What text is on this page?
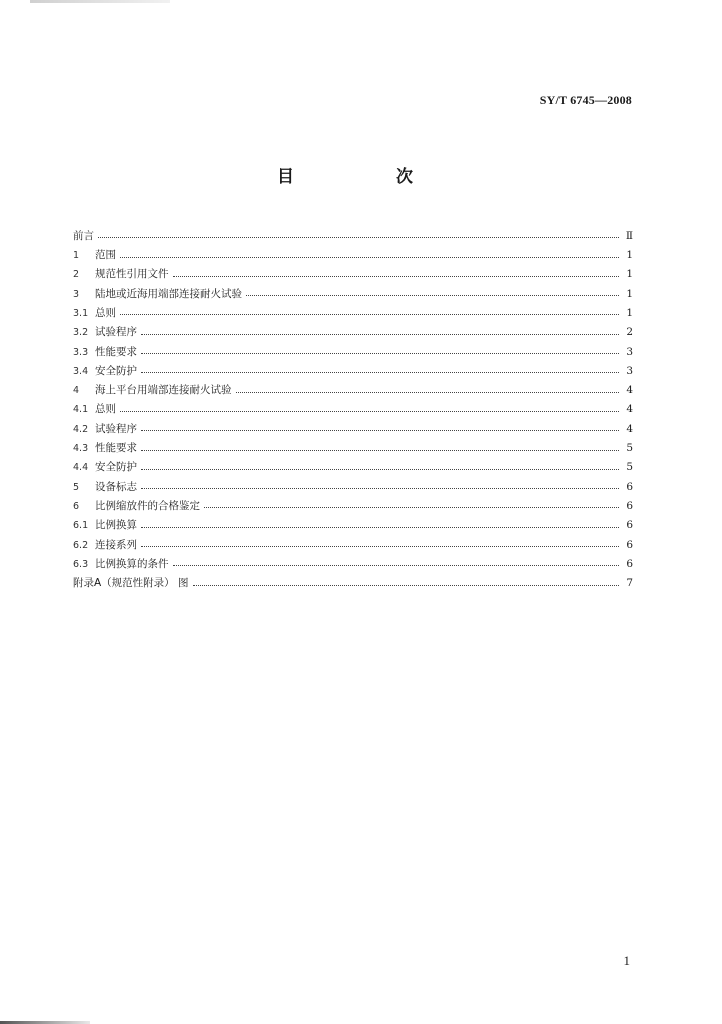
SY/T 6745—2008
目 次
前言	Ⅱ
1	范围	1
2	规范性引用文件	1
3	陆地或近海用端部连接耐火试验	1
3.1 总则	1
3.2 试验程序	2
3.3 性能要求	3
3.4 安全防护	3
4	海上平台用端部连接耐火试验	4
4.1 总则	4
4.2 试验程序	4
4.3 性能要求	5
4.4 安全防护	5
5	设备标志	6
6	比例缩放件的合格鉴定	6
6.1 比例换算	6
6.2 连接系列	6
6.3 比例换算的条件	6
附录A（规范性附录） 图	7
1
